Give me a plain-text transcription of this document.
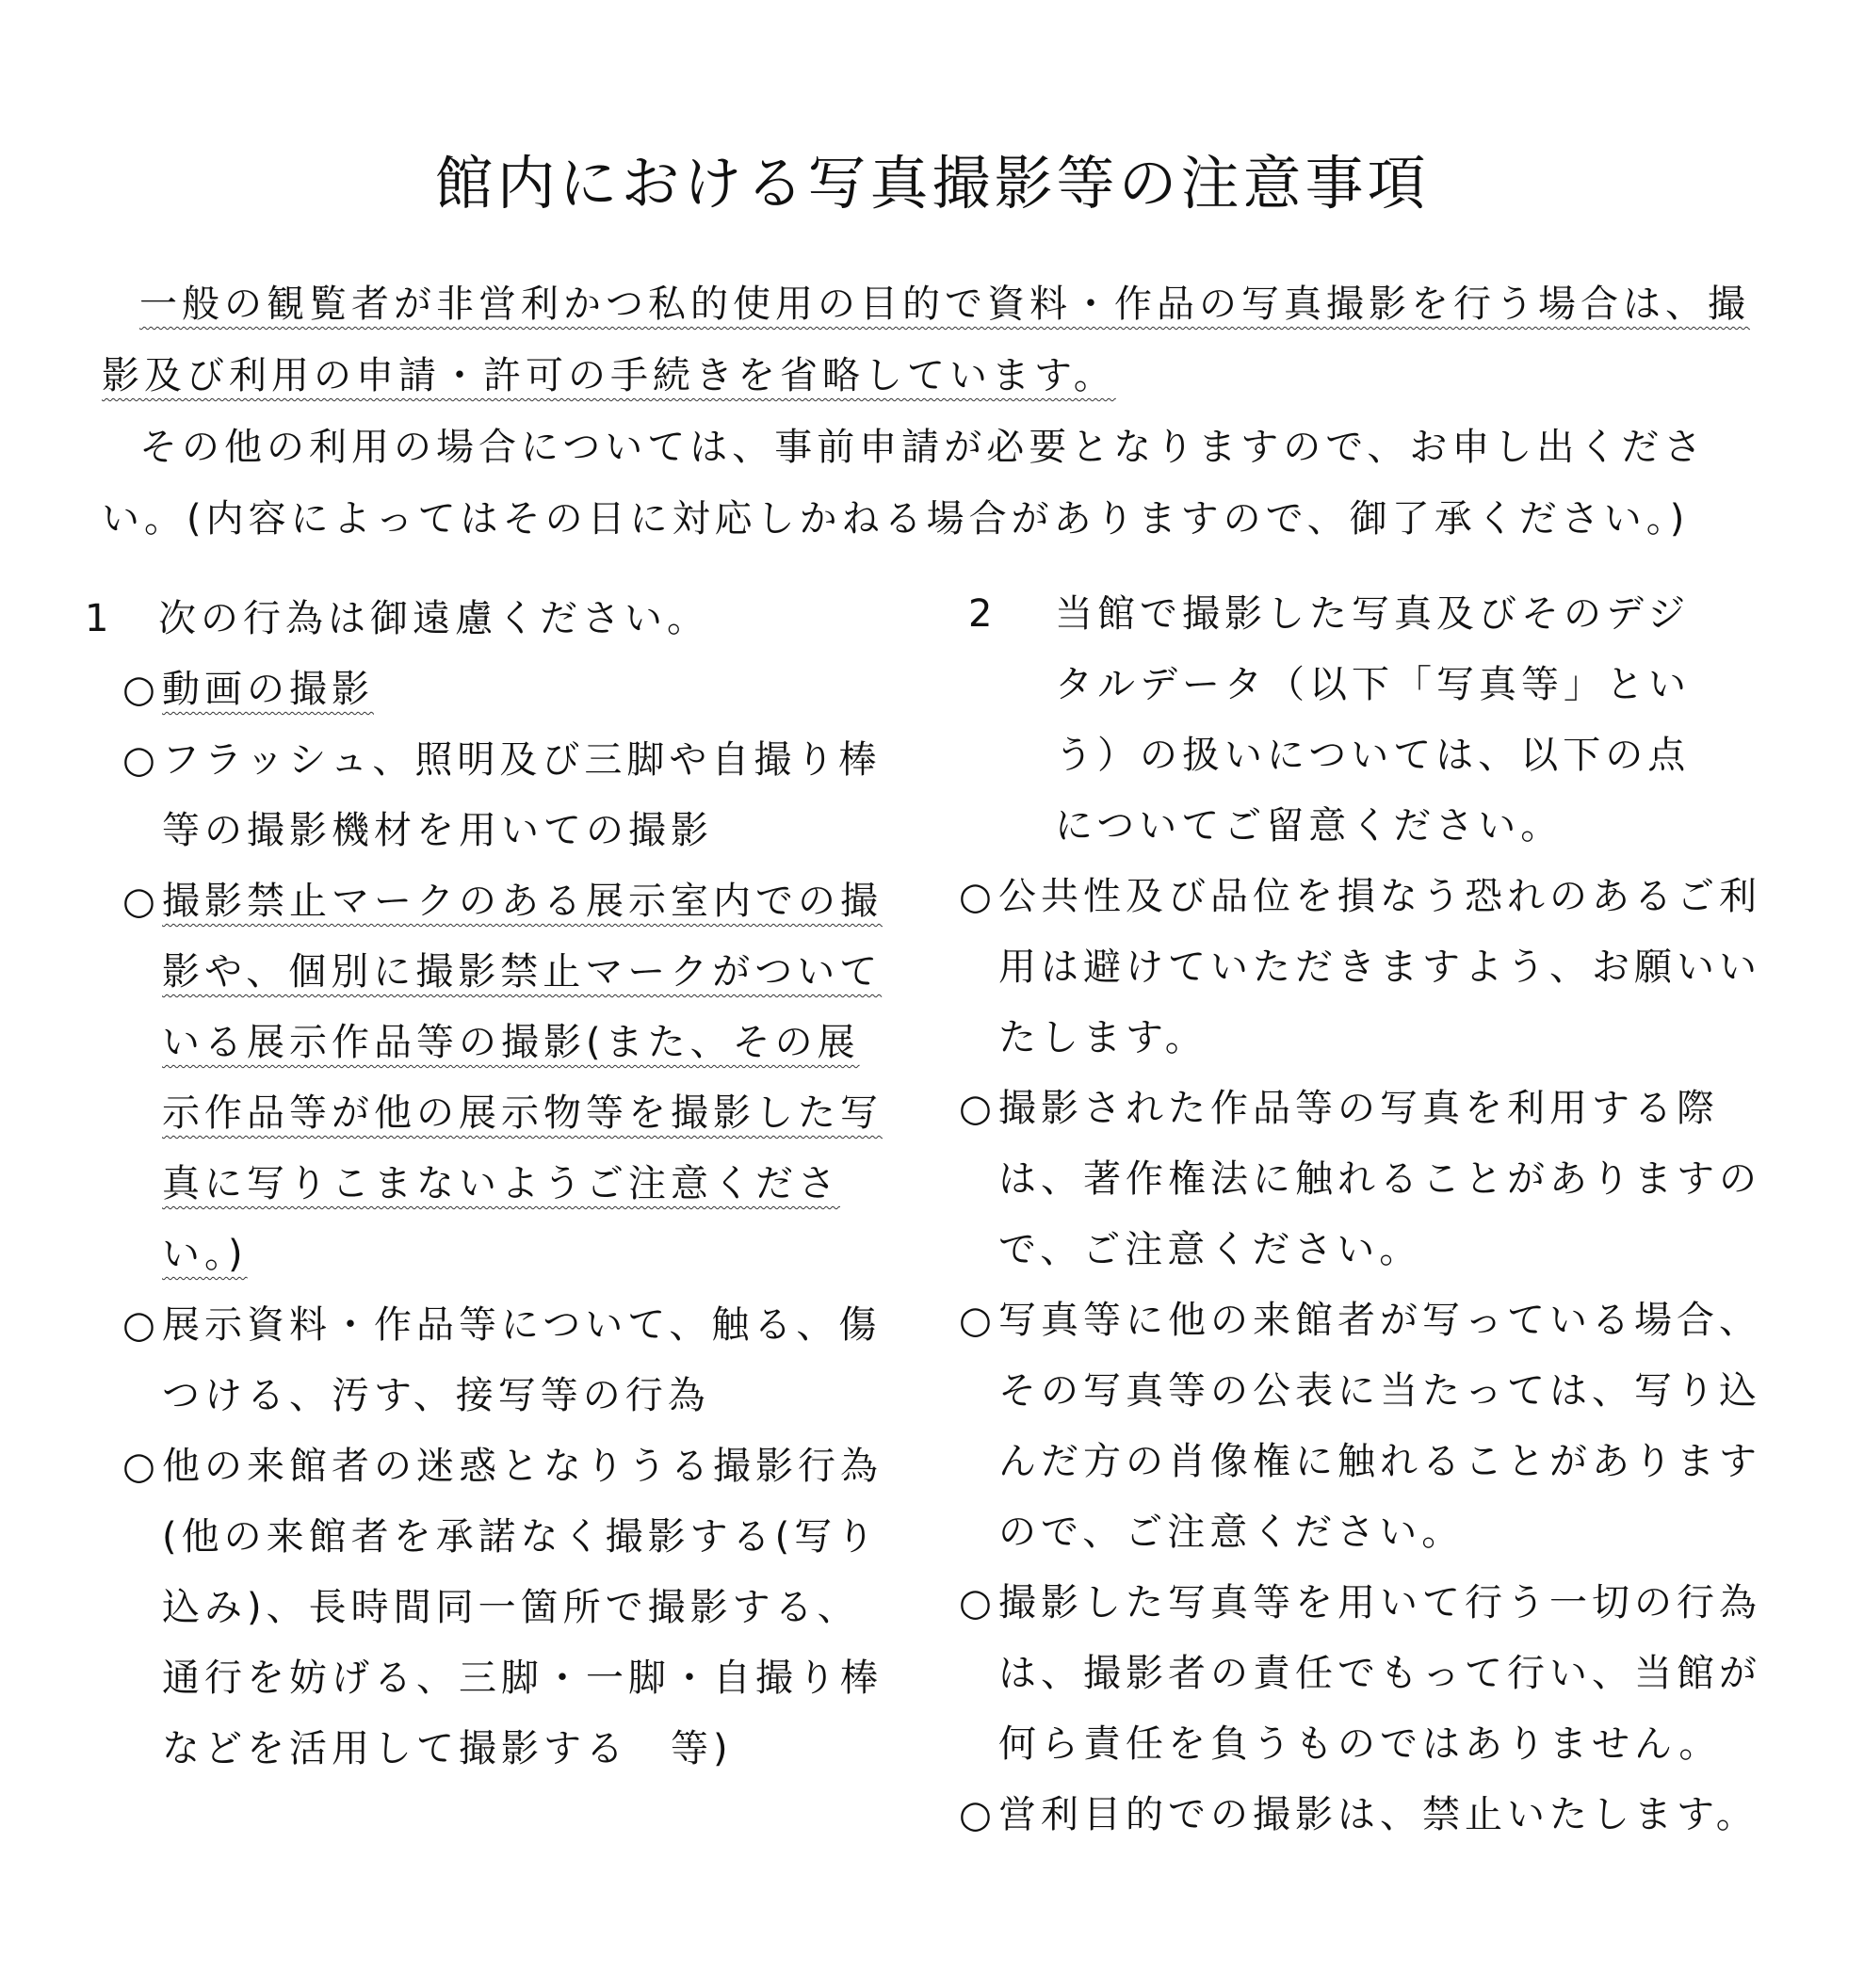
館内における写真撮影等の注意事項

一般の観覧者が非営利かつ私的使用の目的で資料・作品の写真撮影を行う場合は、撮影及び利用の申請・許可の手続きを省略しています。

その他の利用の場合については、事前申請が必要となりますので、お申し出ください。(内容によってはその日に対応しかねる場合がありますので、御了承ください。)

1	次の行為は御遠慮ください。
○ 動画の撮影
○ フラッシュ、照明及び三脚や自撮り棒等の撮影機材を用いての撮影
○ 撮影禁止マークのある展示室内での撮影や、個別に撮影禁止マークがついている展示作品等の撮影(また、その展示作品等が他の展示物等を撮影した写真に写りこまないようご注意ください。)
○ 展示資料・作品等について、触る、傷つける、汚す、接写等の行為
○ 他の来館者の迷惑となりうる撮影行為(他の来館者を承諾なく撮影する(写り込み)、長時間同一箇所で撮影する、通行を妨げる、三脚・一脚・自撮り棒などを活用して撮影する　等)
2	当館で撮影した写真及びそのデジタルデータ（以下「写真等」という）の扱いについては、以下の点についてご留意ください。
○ 公共性及び品位を損なう恐れのあるご利用は避けていただきますよう、お願いいたします。
○ 撮影された作品等の写真を利用する際は、著作権法に触れることがありますので、ご注意ください。
○ 写真等に他の来館者が写っている場合、その写真等の公表に当たっては、写り込んだ方の肖像権に触れることがありますので、ご注意ください。
○ 撮影した写真等を用いて行う一切の行為は、撮影者の責任でもって行い、当館が何ら責任を負うものではありません。
○ 営利目的での撮影は、禁止いたします。
